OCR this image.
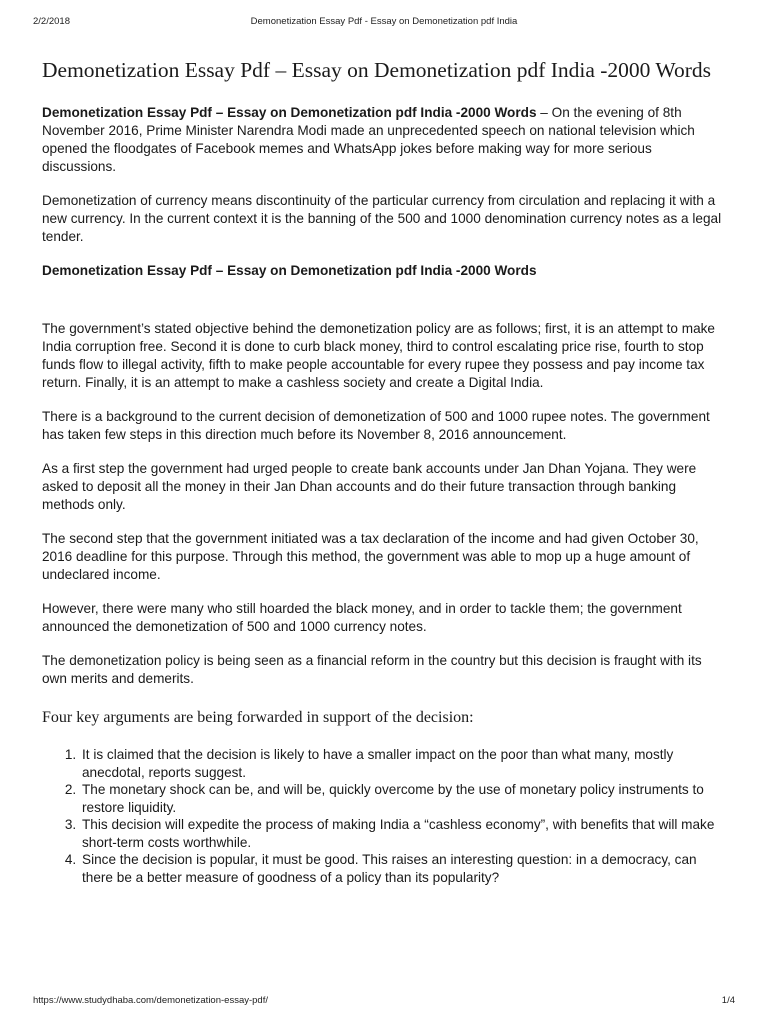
2/2/2018	Demonetization Essay Pdf - Essay on Demonetization pdf India
Demonetization Essay Pdf – Essay on Demonetization pdf India -2000 Words

Demonetization Essay Pdf – Essay on Demonetization pdf India -2000 Words – On the evening of 8th November 2016, Prime Minister Narendra Modi made an unprecedented speech on national television which opened the floodgates of Facebook memes and WhatsApp jokes before making way for more serious discussions.

Demonetization of currency means discontinuity of the particular currency from circulation and replacing it with a new currency. In the current context it is the banning of the 500 and 1000 denomination currency notes as a legal tender.

Demonetization Essay Pdf – Essay on Demonetization pdf India -2000 Words

The government’s stated objective behind the demonetization policy are as follows; first, it is an attempt to make India corruption free. Second it is done to curb black money, third to control escalating price rise, fourth to stop funds flow to illegal activity, fifth to make people accountable for every rupee they possess and pay income tax return. Finally, it is an attempt to make a cashless society and create a Digital India.

There is a background to the current decision of demonetization of 500 and 1000 rupee notes. The government has taken few steps in this direction much before its November 8, 2016 announcement.

As a first step the government had urged people to create bank accounts under Jan Dhan Yojana. They were asked to deposit all the money in their Jan Dhan accounts and do their future transaction through banking methods only.

The second step that the government initiated was a tax declaration of the income and had given October 30, 2016 deadline for this purpose. Through this method, the government was able to mop up a huge amount of undeclared income.

However, there were many who still hoarded the black money, and in order to tackle them; the government announced the demonetization of 500 and 1000 currency notes.

The demonetization policy is being seen as a financial reform in the country but this decision is fraught with its own merits and demerits.

Four key arguments are being forwarded in support of the decision:
1. It is claimed that the decision is likely to have a smaller impact on the poor than what many, mostly anecdotal, reports suggest.
2. The monetary shock can be, and will be, quickly overcome by the use of monetary policy instruments to restore liquidity.
3. This decision will expedite the process of making India a “cashless economy”, with benefits that will make short-term costs worthwhile.
4. Since the decision is popular, it must be good. This raises an interesting question: in a democracy, can there be a better measure of goodness of a policy than its popularity?
https://www.studydhaba.com/demonetization-essay-pdf/	1/4
